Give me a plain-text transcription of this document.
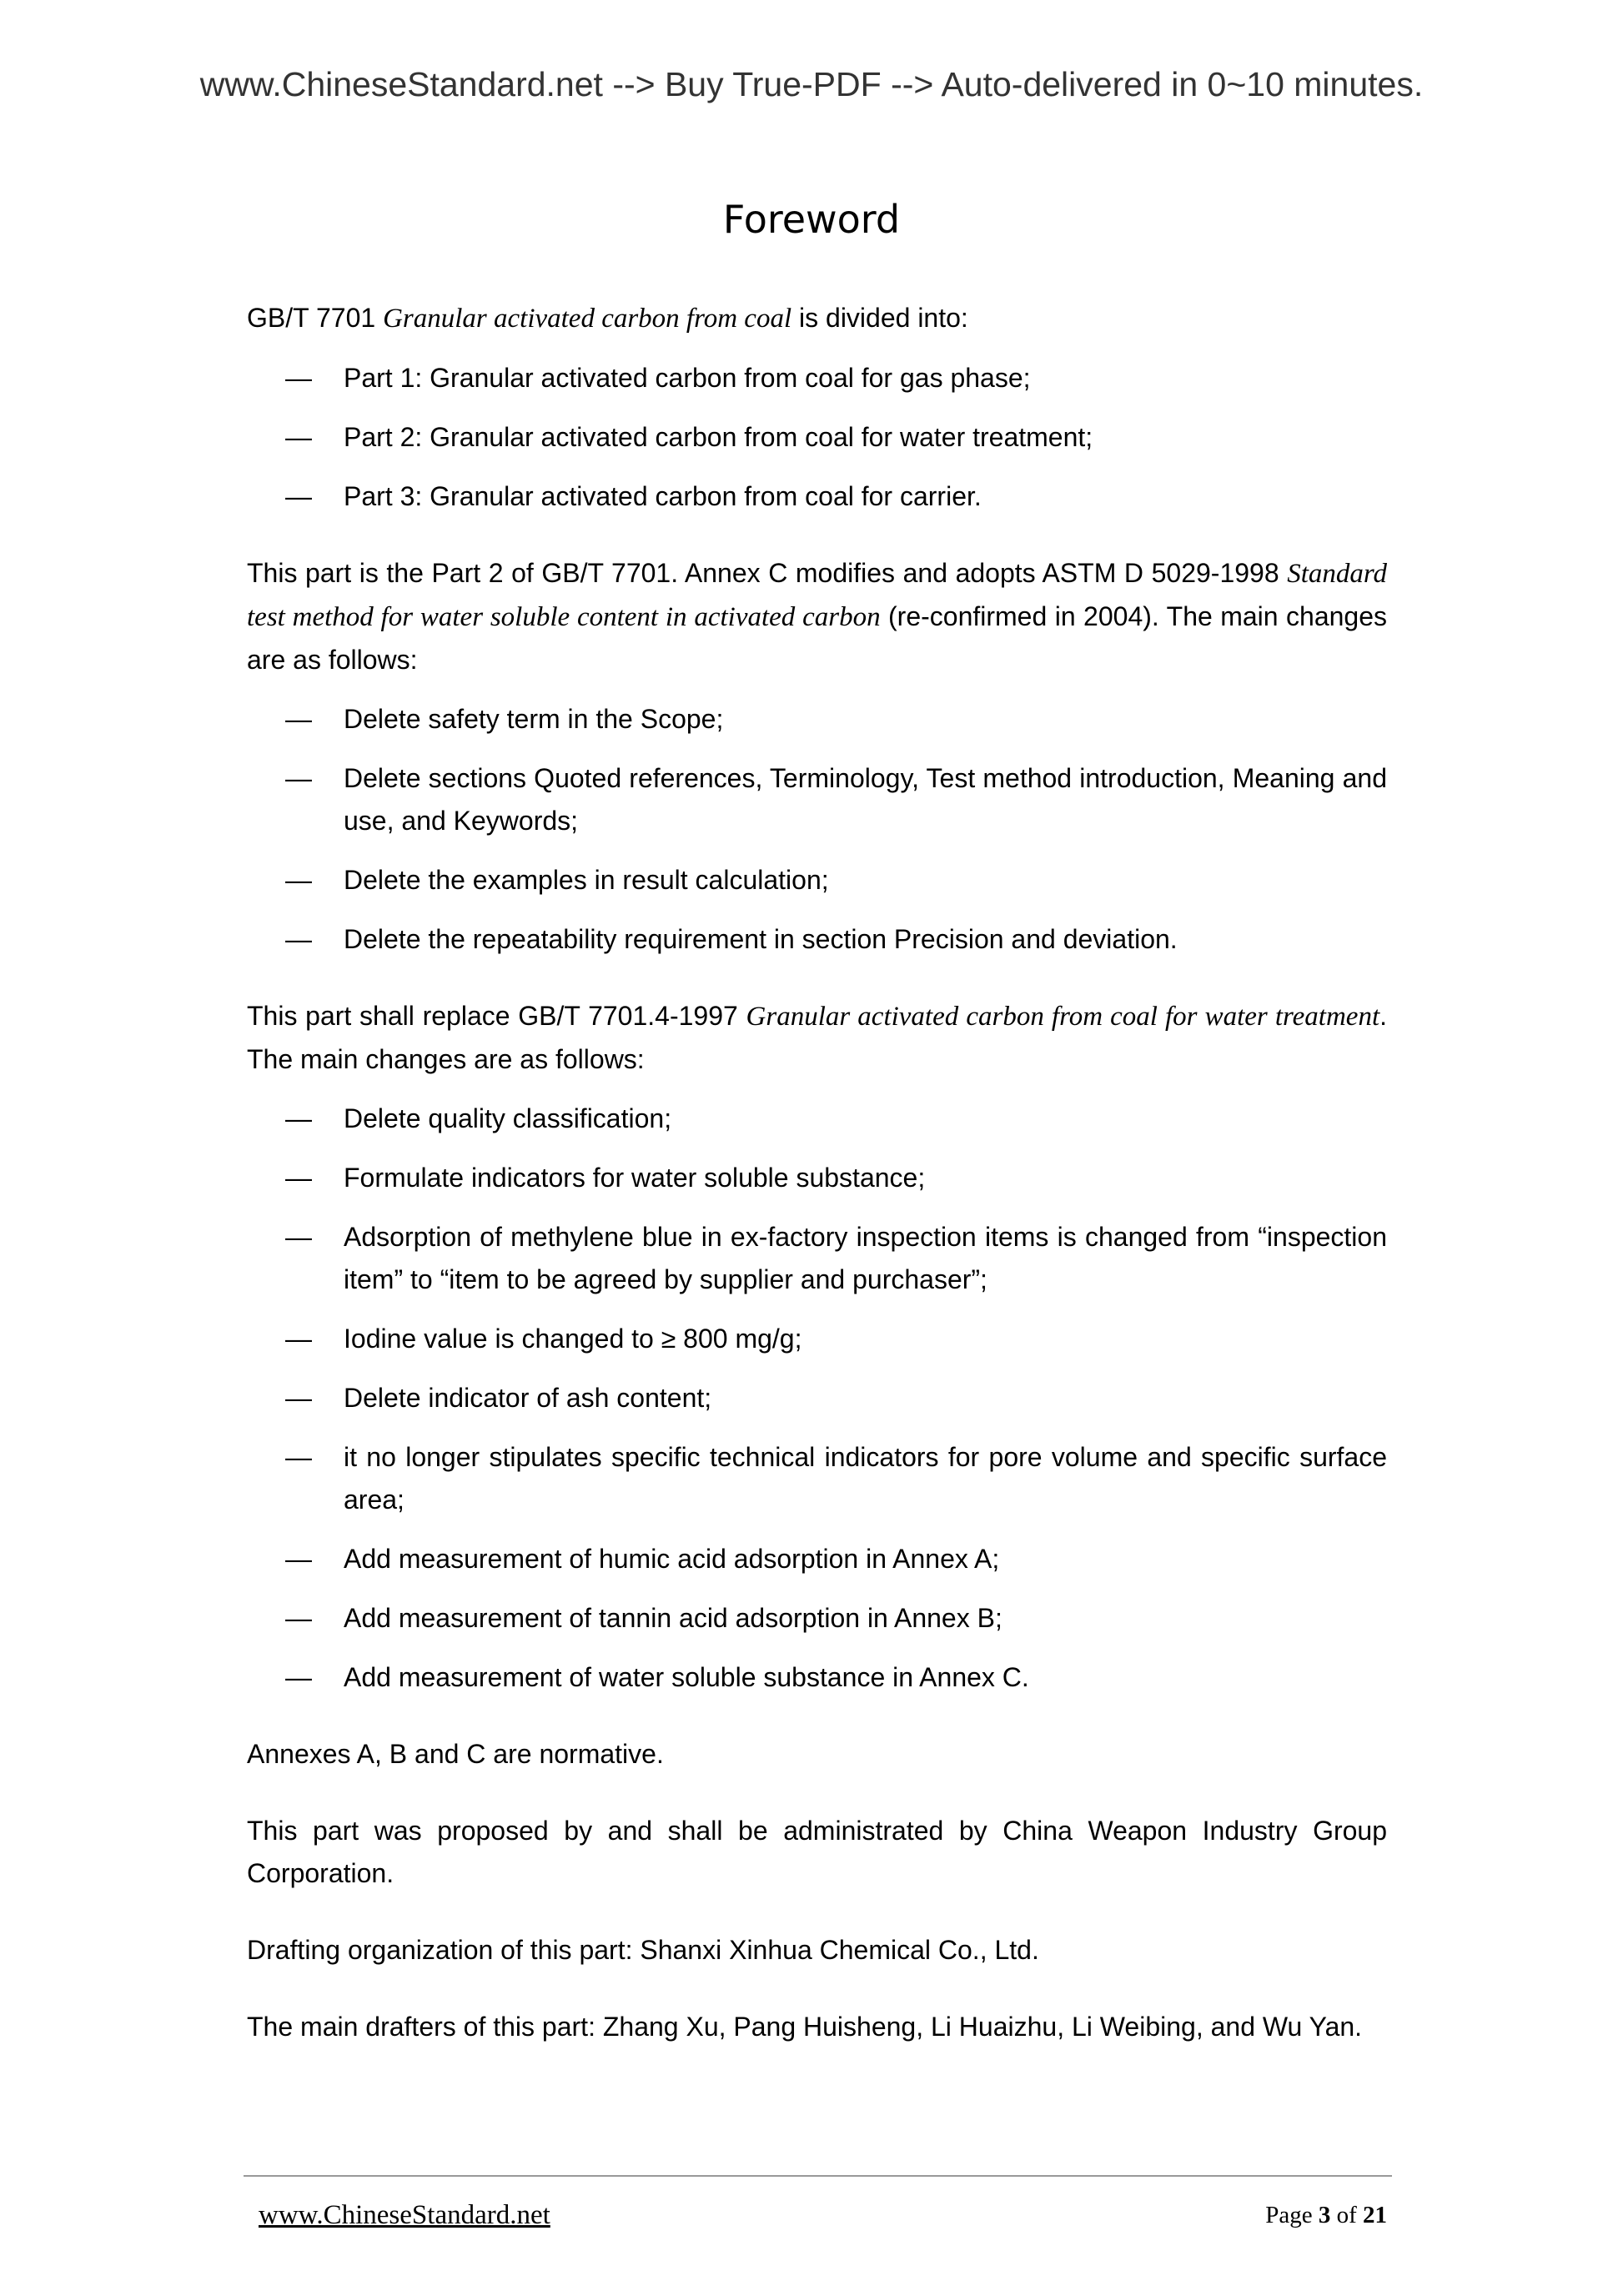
www.ChineseStandard.net --> Buy True-PDF --> Auto-delivered in 0~10 minutes.
Foreword

GB/T 7701 Granular activated carbon from coal is divided into:

— Part 1: Granular activated carbon from coal for gas phase;
— Part 2: Granular activated carbon from coal for water treatment;
— Part 3: Granular activated carbon from coal for carrier.

This part is the Part 2 of GB/T 7701. Annex C modifies and adopts ASTM D 5029-1998 Standard test method for water soluble content in activated carbon (re-confirmed in 2004). The main changes are as follows:

— Delete safety term in the Scope;
— Delete sections Quoted references, Terminology, Test method introduction, Meaning and use, and Keywords;
— Delete the examples in result calculation;
— Delete the repeatability requirement in section Precision and deviation.

This part shall replace GB/T 7701.4-1997 Granular activated carbon from coal for water treatment. The main changes are as follows:

— Delete quality classification;
— Formulate indicators for water soluble substance;
— Adsorption of methylene blue in ex-factory inspection items is changed from “inspection item” to “item to be agreed by supplier and purchaser”;
— Iodine value is changed to ≥ 800 mg/g;
— Delete indicator of ash content;
— it no longer stipulates specific technical indicators for pore volume and specific surface area;
— Add measurement of humic acid adsorption in Annex A;
— Add measurement of tannin acid adsorption in Annex B;
— Add measurement of water soluble substance in Annex C.

Annexes A, B and C are normative.

This part was proposed by and shall be administrated by China Weapon Industry Group Corporation.

Drafting organization of this part: Shanxi Xinhua Chemical Co., Ltd.

The main drafters of this part: Zhang Xu, Pang Huisheng, Li Huaizhu, Li Weibing, and Wu Yan.

www.ChineseStandard.net	Page 3 of 21
